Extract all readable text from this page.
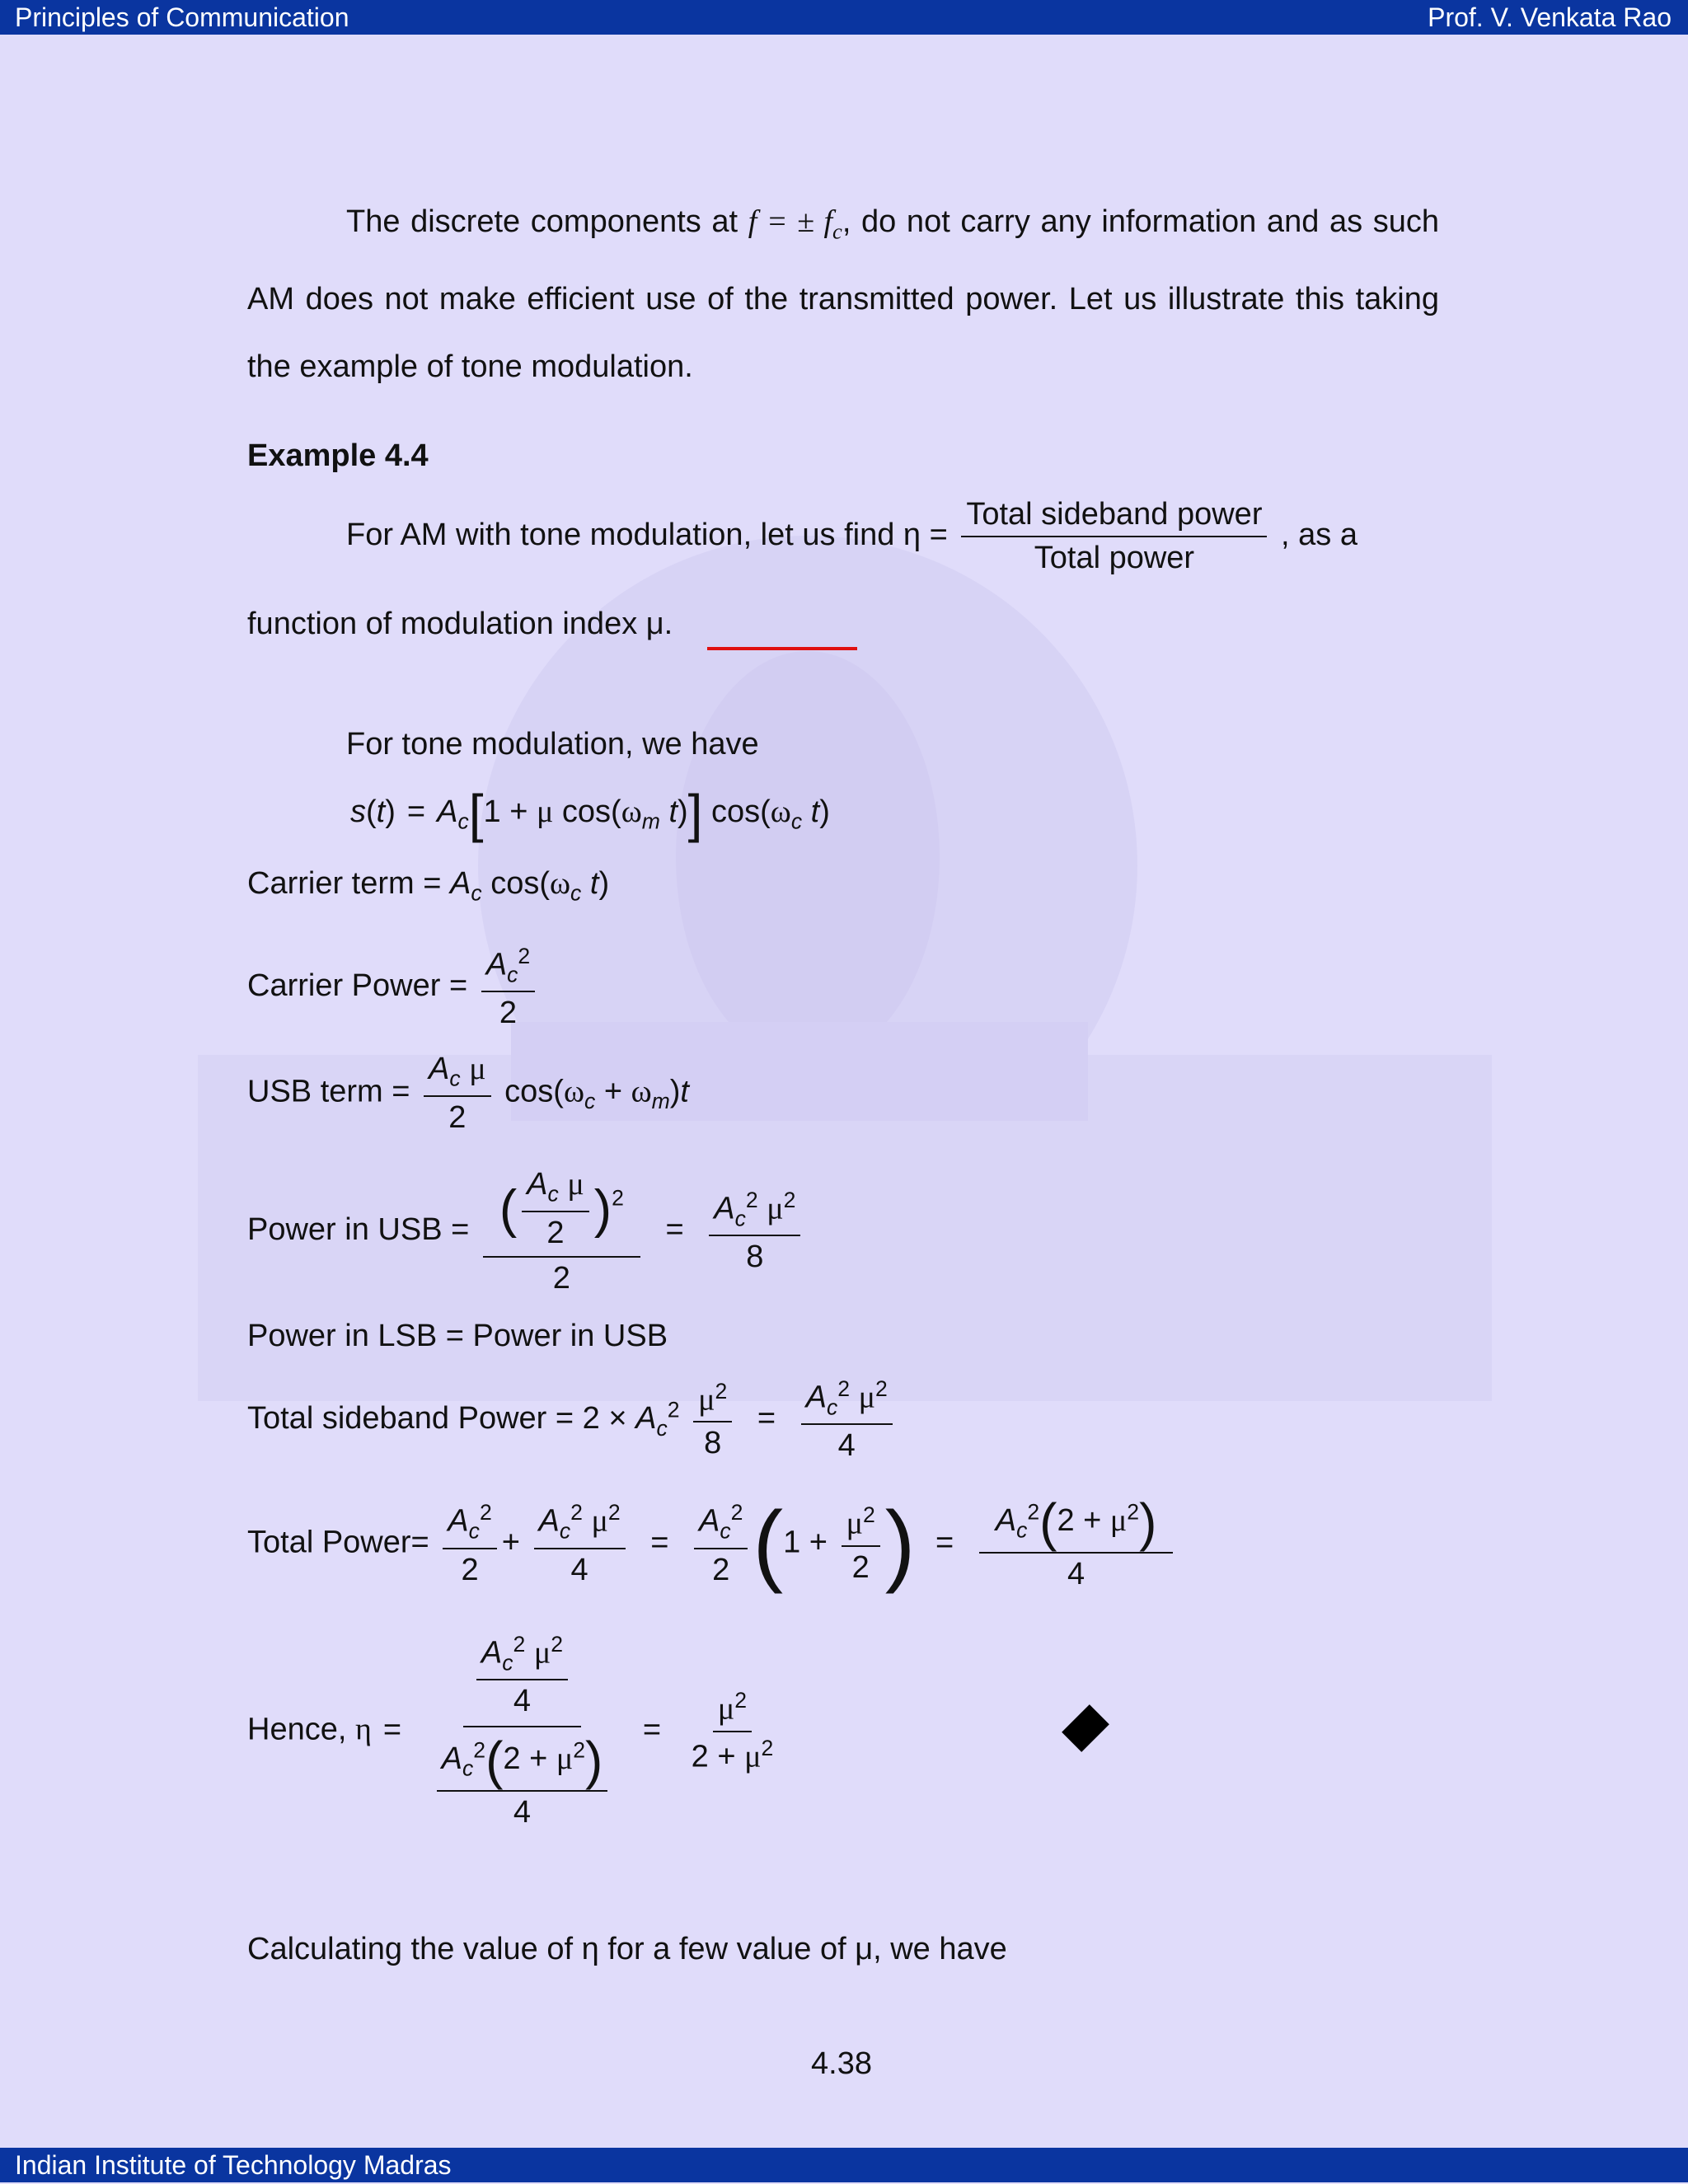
Principles of Communication	Prof. V. Venkata Rao
Indian Institute of Technology Madras
The discrete components at f = ± $f_c$, do not carry any information and as such AM does not make efficient use of the transmitted power. Let us illustrate this taking the example of tone modulation.
Example 4.4
For AM with tone modulation, let us find $\eta = \frac{\text{Total sideband power}}{\text{Total power}}$ , as a
function of modulation index μ.
For tone modulation, we have
$s(t) = A_c[1 + \mu$ $\cos(\omega_m$ t)] $\cos(\omega_c$ t)
Carrier term = $A_c$ $\cos(\omega_c$ t)
Carrier Power = $\frac{A_c^2}{2}$
USB term = $\frac{A_c \mu}{2} \cos(\omega_c + \omega_m)t$
Power in USB = $\frac{( \frac{A_c \mu}{2} )^2}{2} = \frac{A_c^2 \mu^2}{8}$
Power in LSB = Power in USB
Total sideband Power = $2 \times A_c^2 \frac{\mu^2}{8} = \frac{A_c^2 \mu^2}{4}$
Total Power= $\frac{A_c^2}{2} + \frac{A_c^2 \mu^2}{4} = \frac{A_c^2}{2} (1 + \frac{\mu^2}{2}$ ) = $\frac{A_c^2(2 + \mu^2)}{4}$
Hence, $\eta = \frac{\frac{A_c^2 \mu^2}{4}}{\frac{A_c^2(2 + \mu^2)}{4}} = \frac{\mu^2}{2 + \mu^2}$
Calculating the value of η for a few value of μ, we have
4.38
